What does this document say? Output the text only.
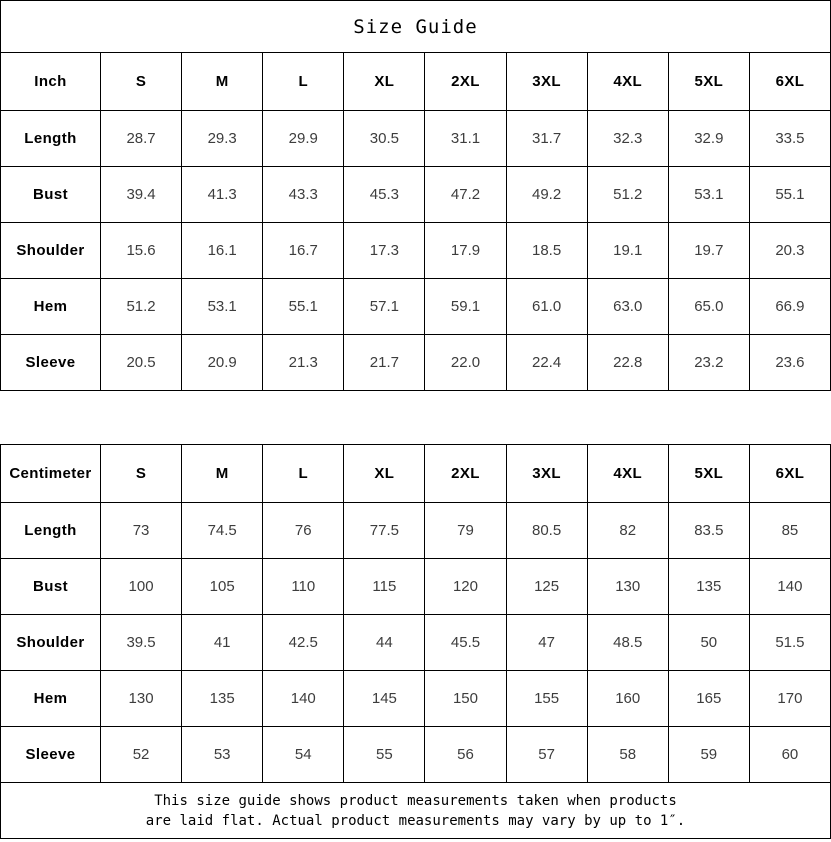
Size Guide
Inch	S	M	L	XL	2XL	3XL	4XL	5XL	6XL
Length	28.7	29.3	29.9	30.5	31.1	31.7	32.3	32.9	33.5
Bust	39.4	41.3	43.3	45.3	47.2	49.2	51.2	53.1	55.1
Shoulder	15.6	16.1	16.7	17.3	17.9	18.5	19.1	19.7	20.3
Hem	51.2	53.1	55.1	57.1	59.1	61.0	63.0	65.0	66.9
Sleeve	20.5	20.9	21.3	21.7	22.0	22.4	22.8	23.2	23.6
Centimeter	S	M	L	XL	2XL	3XL	4XL	5XL	6XL
Length	73	74.5	76	77.5	79	80.5	82	83.5	85
Bust	100	105	110	115	120	125	130	135	140
Shoulder	39.5	41	42.5	44	45.5	47	48.5	50	51.5
Hem	130	135	140	145	150	155	160	165	170
Sleeve	52	53	54	55	56	57	58	59	60
This size guide shows product measurements taken when products
are laid flat. Actual product measurements may vary by up to 1″.
